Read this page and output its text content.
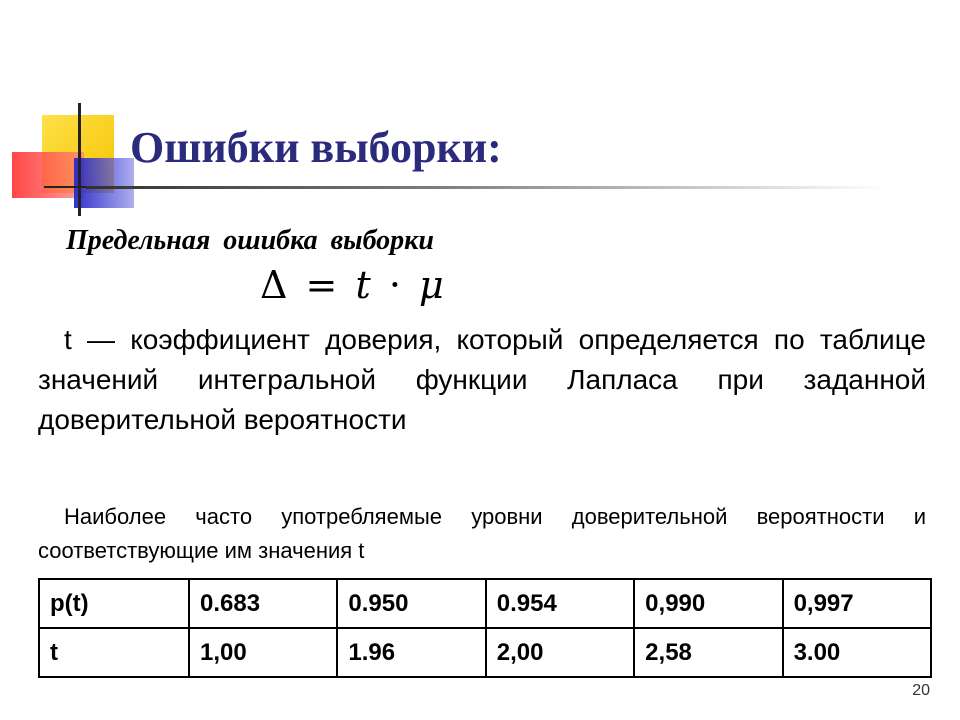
Ошибки выборки:
Предельная ошибка выборки
Δ = t · μ
t — коэффициент доверия, который определяется по таблице значений интегральной функции Лапласа при заданной доверительной вероятности
Наиболее часто употребляемые уровни доверительной вероятности и соответствующие им значения t
p(t)	0.683	0.950	0.954	0,990	0,997
t	1,00	1.96	2,00	2,58	3.00
20
